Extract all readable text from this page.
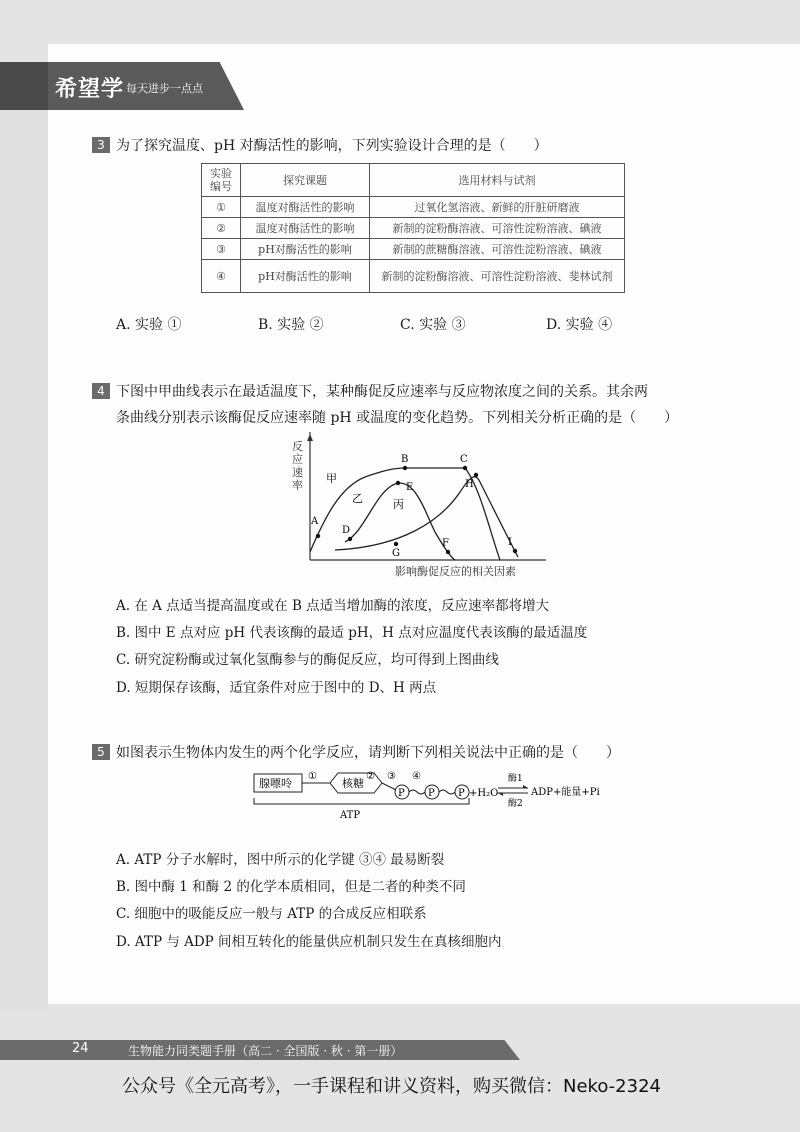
希望学 每天进步一点点
3 为了探究温度、pH 对酶活性的影响，下列实验设计合理的是（　　）
实验编号	探究课题	选用材料与试剂
①	温度对酶活性的影响	过氧化氢溶液、新鲜的肝脏研磨液
②	温度对酶活性的影响	新制的淀粉酶溶液、可溶性淀粉溶液、碘液
③	pH对酶活性的影响	新制的蔗糖酶溶液、可溶性淀粉溶液、碘液
④	pH对酶活性的影响	新制的淀粉酶溶液、可溶性淀粉溶液、斐林试剂
A. 实验 ①	B. 实验 ②	C. 实验 ③	D. 实验 ④
4 下图中甲曲线表示在最适温度下，某种酶促反应速率与反应物浓度之间的关系。其余两
条曲线分别表示该酶促反应速率随 pH 或温度的变化趋势。下列相关分析正确的是（　　）
反
应
速
率
影响酶促反应的相关因素
A
B	C
D
E
F
G
H
I
甲
乙	丙
A. 在 A 点适当提高温度或在 B 点适当增加酶的浓度，反应速率都将增大
B. 图中 E 点对应 pH 代表该酶的最适 pH，H 点对应温度代表该酶的最适温度
C. 研究淀粉酶或过氧化氢酶参与的酶促反应，均可得到上图曲线
D. 短期保存该酶，适宜条件对应于图中的 D、H 两点
5 如图表示生物体内发生的两个化学反应，请判断下列相关说法中正确的是（　　）
腺嘌呤
①
核糖
②
P
③
P
④
P +H₂O
酶1
酶2
ADP+能量+Pi
ATP
A. ATP 分子水解时，图中所示的化学键 ③④ 最易断裂
B. 图中酶 1 和酶 2 的化学本质相同，但是二者的种类不同
C. 细胞中的吸能反应一般与 ATP 的合成反应相联系
D. ATP 与 ADP 间相互转化的能量供应机制只发生在真核细胞内
24	生物能力同类题手册（高二 · 全国版 · 秋 · 第一册）
公众号《全元高考》，一手课程和讲义资料，购买微信：Neko-2324
